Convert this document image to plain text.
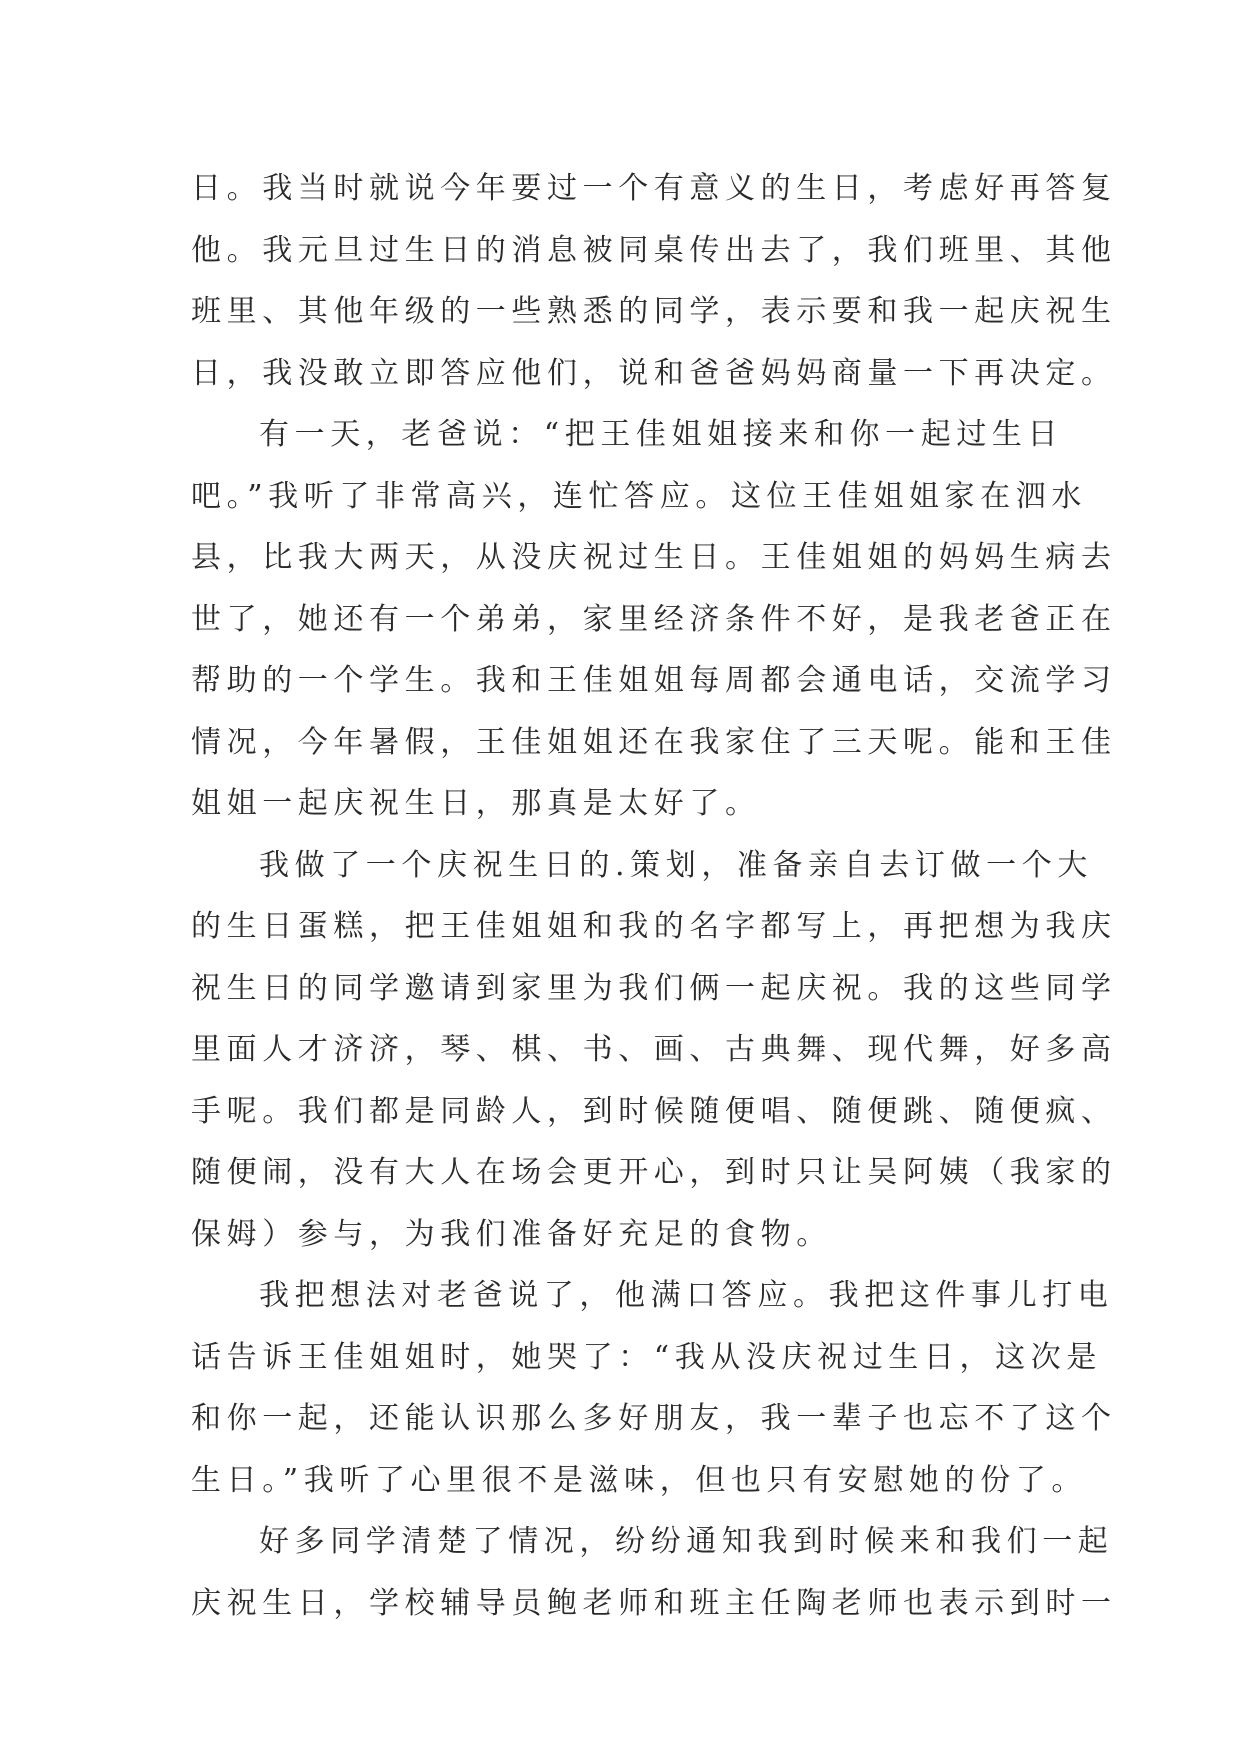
日。我当时就说今年要过一个有意义的生日，考虑好再答复
他。我元旦过生日的消息被同桌传出去了，我们班里、其他
班里、其他年级的一些熟悉的同学，表示要和我一起庆祝生
日，我没敢立即答应他们，说和爸爸妈妈商量一下再决定。
有一天，老爸说：“把王佳姐姐接来和你一起过生日
吧。”我听了非常高兴，连忙答应。这位王佳姐姐家在泗水
县，比我大两天，从没庆祝过生日。王佳姐姐的妈妈生病去
世了，她还有一个弟弟，家里经济条件不好，是我老爸正在
帮助的一个学生。我和王佳姐姐每周都会通电话，交流学习
情况，今年暑假，王佳姐姐还在我家住了三天呢。能和王佳
姐姐一起庆祝生日，那真是太好了。
我做了一个庆祝生日的.策划，准备亲自去订做一个大
的生日蛋糕，把王佳姐姐和我的名字都写上，再把想为我庆
祝生日的同学邀请到家里为我们俩一起庆祝。我的这些同学
里面人才济济，琴、棋、书、画、古典舞、现代舞，好多高
手呢。我们都是同龄人，到时候随便唱、随便跳、随便疯、
随便闹，没有大人在场会更开心，到时只让吴阿姨（我家的
保姆）参与，为我们准备好充足的食物。
我把想法对老爸说了，他满口答应。我把这件事儿打电
话告诉王佳姐姐时，她哭了：“我从没庆祝过生日，这次是
和你一起，还能认识那么多好朋友，我一辈子也忘不了这个
生日。”我听了心里很不是滋味，但也只有安慰她的份了。
好多同学清楚了情况，纷纷通知我到时候来和我们一起
庆祝生日，学校辅导员鲍老师和班主任陶老师也表示到时一
